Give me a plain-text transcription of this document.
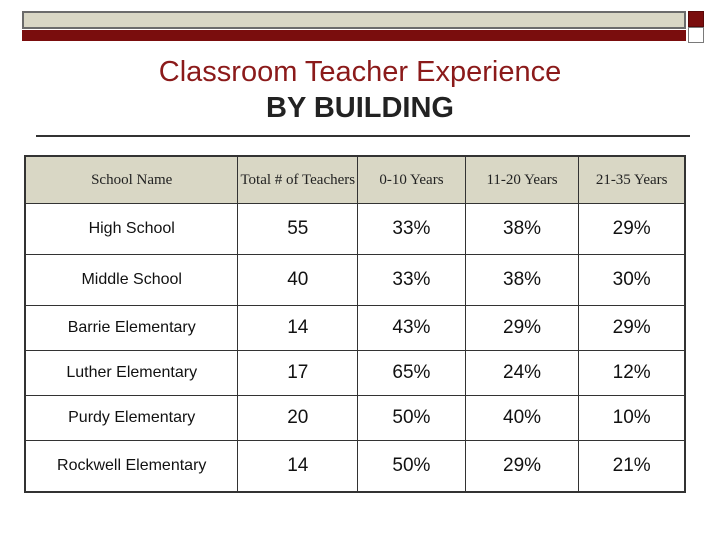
Classroom Teacher Experience
BY BUILDING
School Name	Total # of Teachers	0-10 Years	11-20 Years	21-35 Years
High School	55	33%	38%	29%
Middle School	40	33%	38%	30%
Barrie Elementary	14	43%	29%	29%
Luther Elementary	17	65%	24%	12%
Purdy Elementary	20	50%	40%	10%
Rockwell Elementary	14	50%	29%	21%
